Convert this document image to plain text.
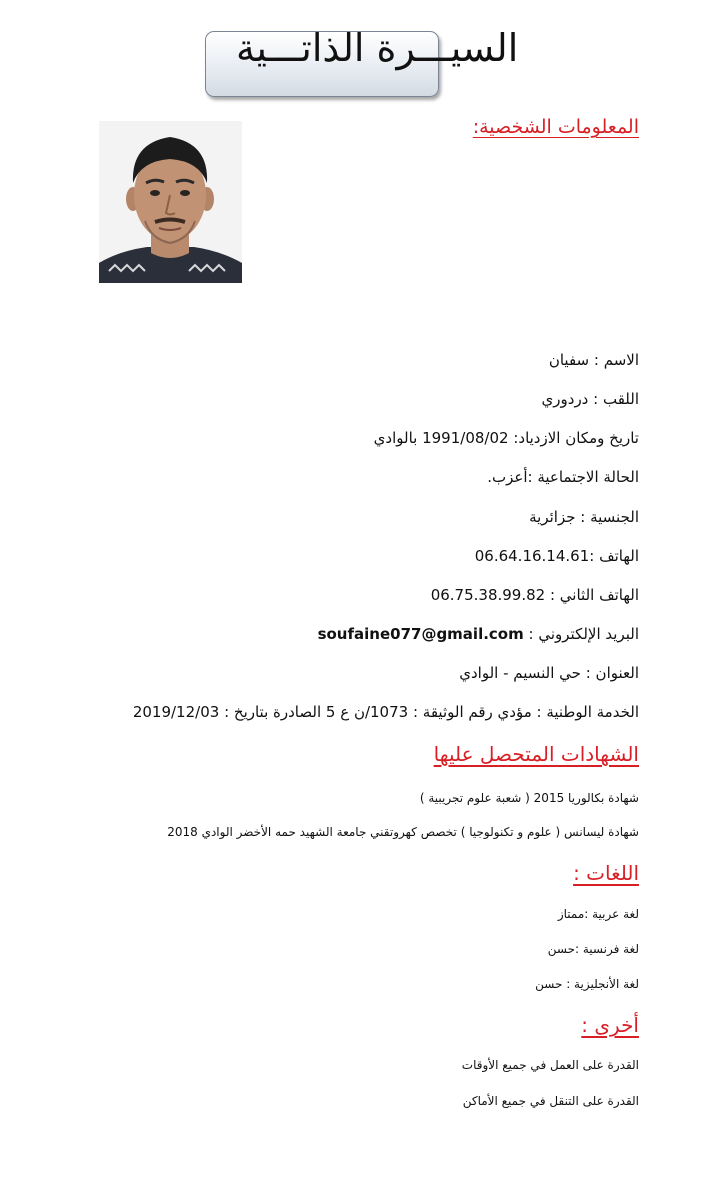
السيـــرة الذاتـــية
المعلومات الشخصية:
الاسم : سفيان
اللقب : دردوري
تاريخ ومكان الازدياد: 1991/08/02 بالوادي
الحالة الاجتماعية :أعزب.
الجنسية : جزائرية
الهاتف :06.64.16.14.61
الهاتف الثاني : 06.75.38.99.82
البريد الإلكتروني : soufaine077@gmail.com
العنوان : حي النسيم - الوادي
الخدمة الوطنية : مؤدي رقم الوثيقة : 1073/ن ع 5 الصادرة بتاريخ : 2019/12/03
الشهادات المتحصل عليها
شهادة بكالوريا 2015 ( شعبة علوم تجريبية )
شهادة ليسانس ( علوم و تكنولوجيا ) تخصص كهروتقني جامعة الشهيد حمه الأخضر الوادي 2018
اللغات :
لغة عربية :ممتاز
لغة فرنسية :حسن
لغة الأنجليزية : حسن
أخرى :
القدرة على العمل في جميع الأوقات
القدرة على التنقل في جميع الأماكن
